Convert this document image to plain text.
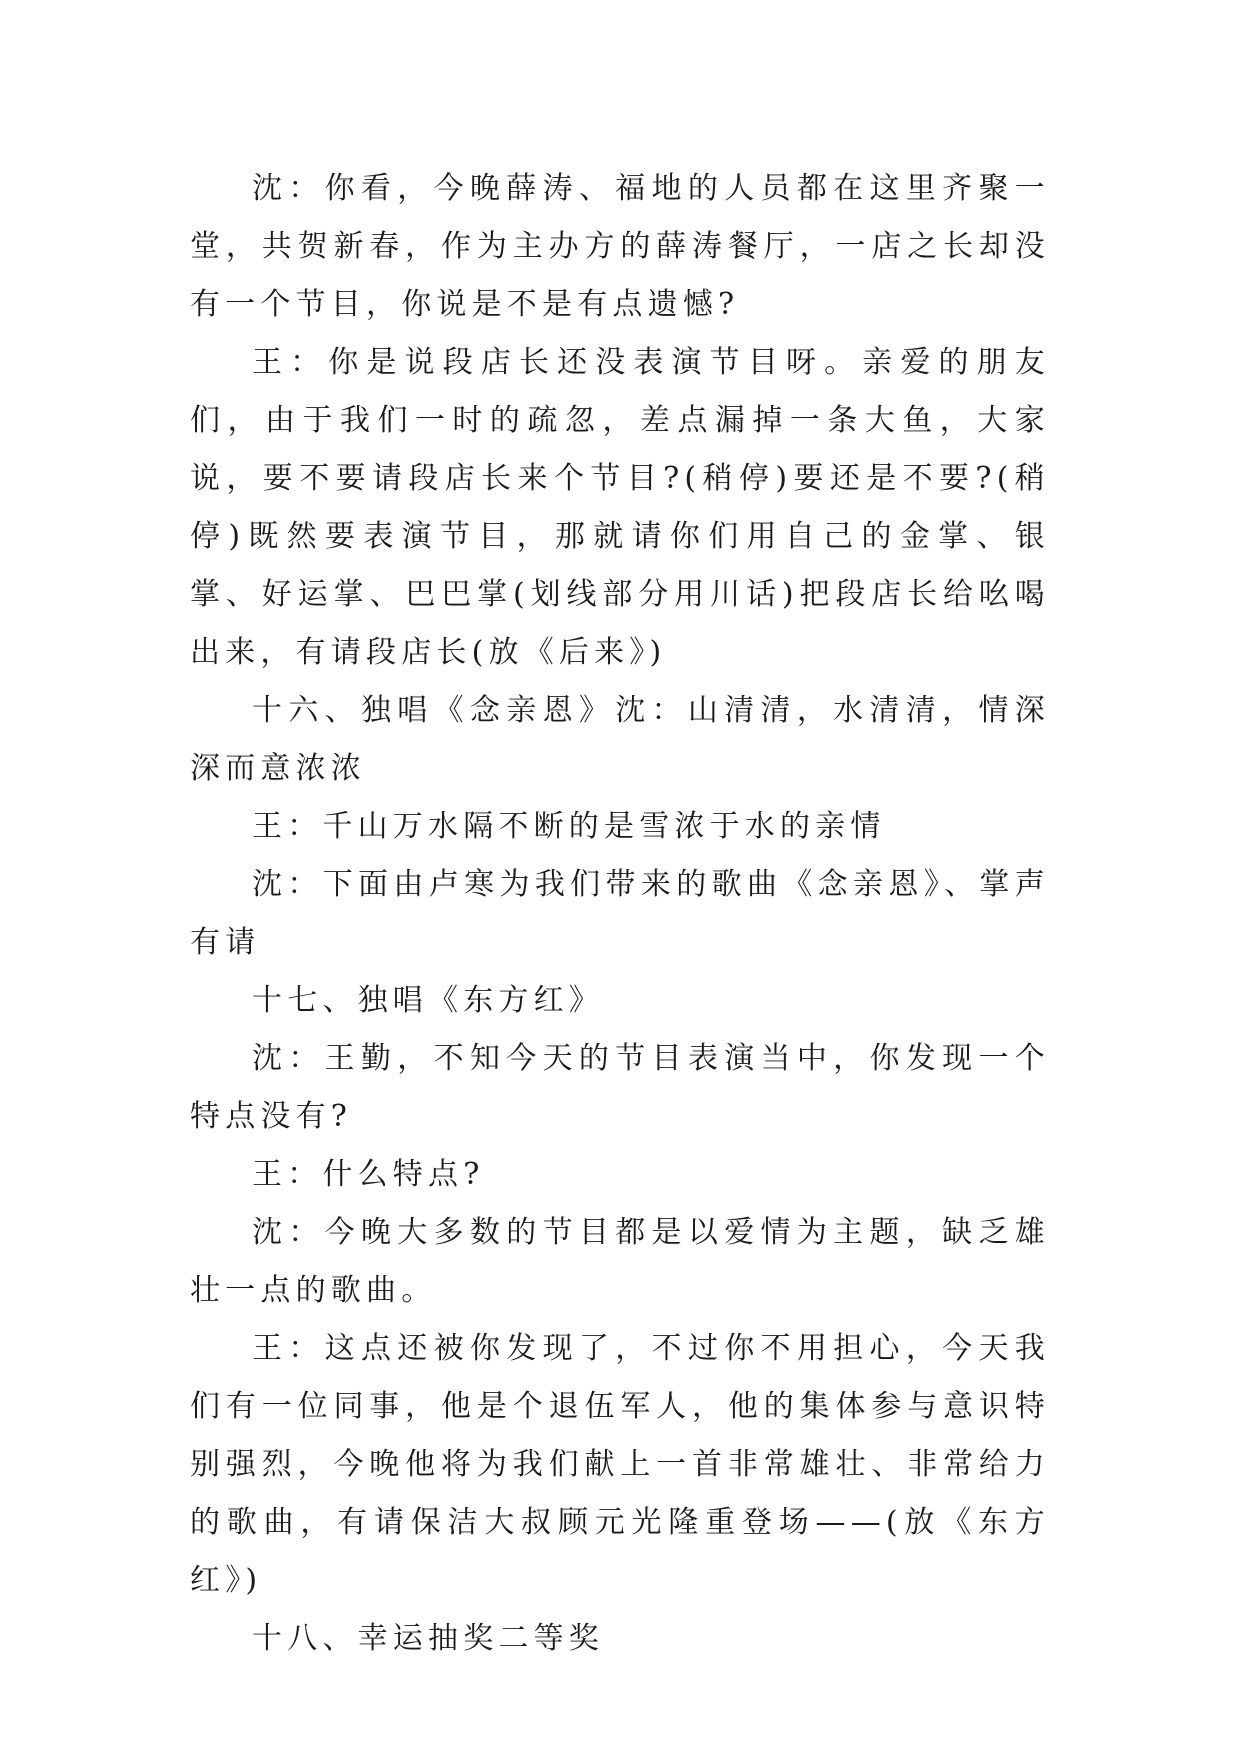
沈：你看，今晚薛涛、福地的人员都在这里齐聚一堂，共贺新春，作为主办方的薛涛餐厅，一店之长却没有一个节目，你说是不是有点遗憾?

王：你是说段店长还没表演节目呀。亲爱的朋友们，由于我们一时的疏忽，差点漏掉一条大鱼，大家说，要不要请段店长来个节目?(稍停)要还是不要?(稍停)既然要表演节目，那就请你们用自己的金掌、银掌、好运掌、巴巴掌(划线部分用川话)把段店长给吆喝出来，有请段店长(放《后来》)

十六、独唱《念亲恩》沈：山清清，水清清，情深深而意浓浓

王：千山万水隔不断的是雪浓于水的亲情

沈：下面由卢寒为我们带来的歌曲《念亲恩》、掌声有请

十七、独唱《东方红》

沈：王勤，不知今天的节目表演当中，你发现一个特点没有?

王：什么特点?

沈：今晚大多数的节目都是以爱情为主题，缺乏雄壮一点的歌曲。

王：这点还被你发现了，不过你不用担心，今天我们有一位同事，他是个退伍军人，他的集体参与意识特别强烈，今晚他将为我们献上一首非常雄壮、非常给力的歌曲，有请保洁大叔顾元光隆重登场——(放《东方红》)

十八、幸运抽奖二等奖
